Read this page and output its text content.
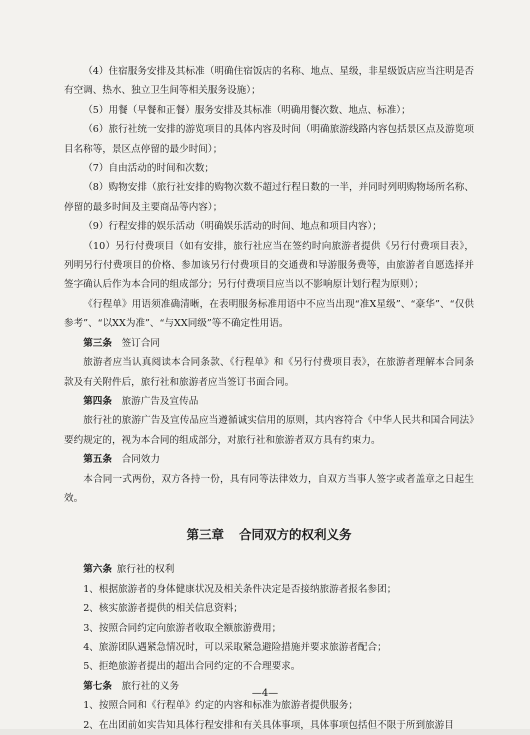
（4）住宿服务安排及其标准（明确住宿饭店的名称、地点、星级，非星级饭店应当注明是否有空调、热水、独立卫生间等相关服务设施）；

（5）用餐（早餐和正餐）服务安排及其标准（明确用餐次数、地点、标准）；

（6）旅行社统一安排的游览项目的具体内容及时间（明确旅游线路内容包括景区点及游览项目名称等，景区点停留的最少时间）；

（7）自由活动的时间和次数；

（8）购物安排（旅行社安排的购物次数不超过行程日数的一半，并同时列明购物场所名称、停留的最多时间及主要商品等内容）；

（9）行程安排的娱乐活动（明确娱乐活动的时间、地点和项目内容）；

（10）另行付费项目（如有安排，旅行社应当在签约时向旅游者提供《另行付费项目表》，列明另行付费项目的价格、参加该另行付费项目的交通费和导游服务费等，由旅游者自愿选择并签字确认后作为本合同的组成部分；另行付费项目应当以不影响原计划行程为原则）；

《行程单》用语须准确清晰，在表明服务标准用语中不应当出现“准X星级”、“豪华”、“仅供参考”、“以XX为准”、“与XX同级”等不确定性用语。

第三条 签订合同

旅游者应当认真阅读本合同条款、《行程单》和《另行付费项目表》，在旅游者理解本合同条款及有关附件后，旅行社和旅游者应当签订书面合同。

第四条 旅游广告及宣传品

旅行社的旅游广告及宣传品应当遵循诚实信用的原则，其内容符合《中华人民共和国合同法》要约规定的，视为本合同的组成部分，对旅行社和旅游者双方具有约束力。

第五条 合同效力

本合同一式两份，双方各持一份，具有同等法律效力，自双方当事人签字或者盖章之日起生效。

第三章 合同双方的权利义务

第六条 旅行社的权利

1、根据旅游者的身体健康状况及相关条件决定是否接纳旅游者报名参团；

2、核实旅游者提供的相关信息资料；

3、按照合同约定向旅游者收取全额旅游费用；

4、旅游团队遇紧急情况时，可以采取紧急避险措施并要求旅游者配合；

5、拒绝旅游者提出的超出合同约定的不合理要求。

第七条 旅行社的义务

1、按照合同和《行程单》约定的内容和标准为旅游者提供服务；

2、在出团前如实告知具体行程安排和有关具体事项，具体事项包括但不限于所到旅游目

—4—
